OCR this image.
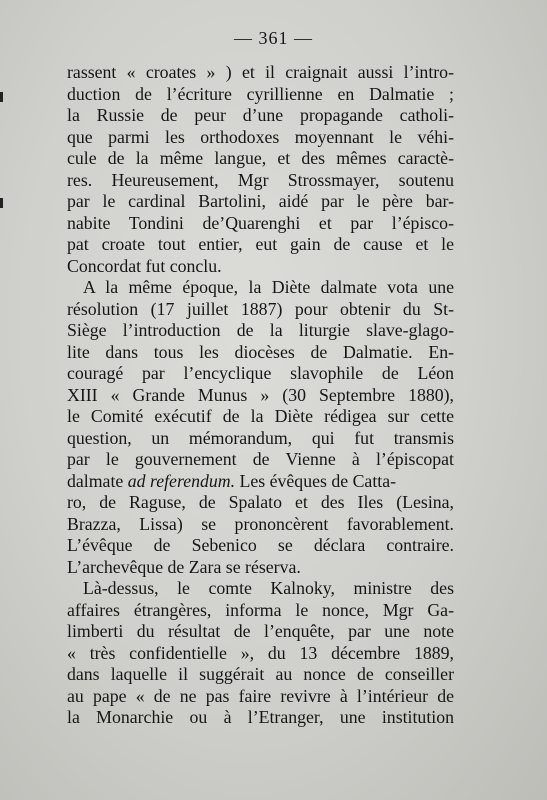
— 361 —
rassent « croates » ) et il craignait aussi l’intro-
duction de l’écriture cyrillienne en Dalmatie ;
la Russie de peur d’une propagande catholi-
que parmi les orthodoxes moyennant le véhi-
cule de la même langue, et des mêmes caractè-
res. Heureusement, Mgr Strossmayer, soutenu
par le cardinal Bartolini, aidé par le père bar-
nabite Tondini de’Quarenghi et par l’épisco-
pat croate tout entier, eut gain de cause et le
Concordat fut conclu.
A la même époque, la Diète dalmate vota une
résolution (17 juillet 1887) pour obtenir du St-
Siège l’introduction de la liturgie slave-glago-
lite dans tous les diocèses de Dalmatie. En-
couragé par l’encyclique slavophile de Léon
XIII « Grande Munus » (30 Septembre 1880),
le Comité exécutif de la Diète rédigea sur cette
question, un mémorandum, qui fut transmis
par le gouvernement de Vienne à l’épiscopat
dalmate ad referendum. Les évêques de Catta-
ro, de Raguse, de Spalato et des Iles (Lesina,
Brazza, Lissa) se prononcèrent favorablement.
L’évêque de Sebenico se déclara contraire.
L’archevêque de Zara se réserva.
Là-dessus, le comte Kalnoky, ministre des
affaires étrangères, informa le nonce, Mgr Ga-
limberti du résultat de l’enquête, par une note
« très confidentielle », du 13 décembre 1889,
dans laquelle il suggérait au nonce de conseiller
au pape « de ne pas faire revivre à l’intérieur de
la Monarchie ou à l’Etranger, une institution
